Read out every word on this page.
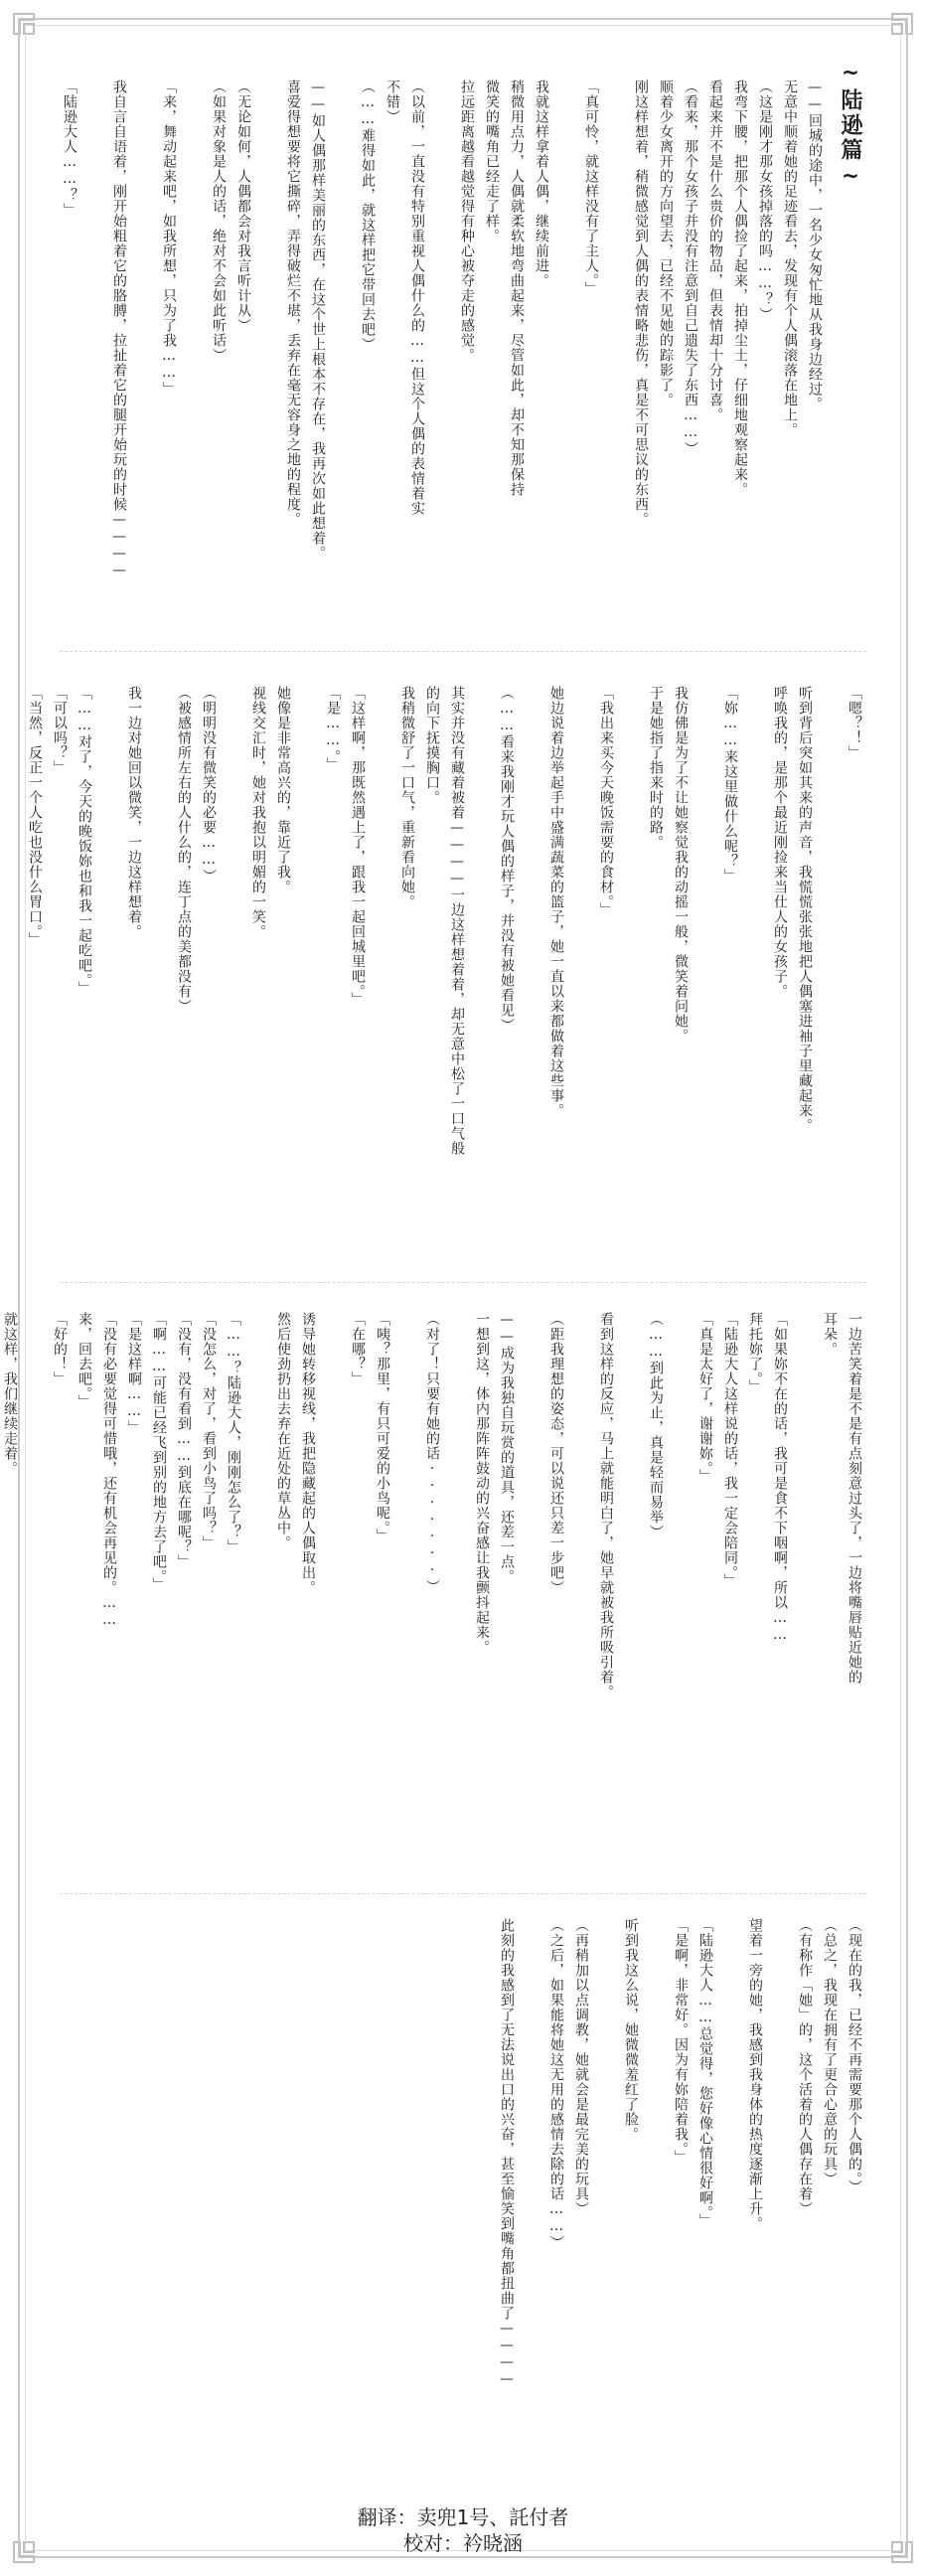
~陆逊篇~
——回城的途中，一名少女匆忙地从我身边经过。
无意中顺着她的足迹看去，发现有个人偶滚落在地上。
（这是刚才那女孩掉落的吗……？）
我弯下腰，把那个人偶捡了起来，拍掉尘土，仔细地观察起来。
看起来并不是什么贵价的物品，但表情却十分讨喜。
（看来，那个女孩子并没有注意到自己遗失了东西……）
顺着少女离开的方向望去，已经不见她的踪影了。
刚这样想着，稍微感觉到人偶的表情略悲伤，真是不可思议的东西。

「真可怜，就这样没有了主人。」

我就这样拿着人偶，继续前进。
稍微用点力，人偶就柔软地弯曲起来，尽管如此，却不知那保持
微笑的嘴角已经走了样。
拉远距离越看越觉得有种心被夺走的感觉。

（以前，一直没有特别重视人偶什么的……但这个人偶的表情着实
不错）
（……难得如此，就这样把它带回去吧）

——如人偶那样美丽的东西，在这个世上根本不存在，我再次如此想着。
喜爱得想要将它撕碎，弄得破烂不堪，丢弃在毫无容身之地的程度。

（无论如何，人偶都会对我言听计从）
（如果对象是人的话，绝对不会如此听话）

「来，舞动起来吧，如我所想，只为了我……」

我自言自语着，刚开始粗着它的胳膊，拉扯着它的腿开始玩的时候————

「陆逊大人……？」
「嗯？！」

听到背后突如其来的声音，我慌慌张张地把人偶塞进袖子里藏起来。
呼唤我的，是那个最近刚捡来当仕人的女孩子。

「妳……来这里做什么呢？」

我仿佛是为了不让她察觉我的动摇一般，微笑着问她。
于是她指了指来时的路。

「我出来买今天晚饭需要的食材。」

她边说着边举起手中盛满蔬菜的篮子，她一直以来都做着这些事。

（……看来我刚才玩人偶的样子，并没有被她看见）

其实并没有藏着被着————一边这样想着着，却无意中松了一口气般
的向下抚摸胸口。
我稍微舒了一口气，重新看向她。

「这样啊，那既然遇上了，跟我一起回城里吧。」
「是……。」

她像是非常高兴的，靠近了我。
视线交汇时，她对我抱以明媚的一笑。

（明明没有微笑的必要……）
（被感情所左右的人什么的，连丁点的美都没有）

我一边对她回以微笑，一边这样想着。

「……对了，今天的晚饭妳也和我一起吃吧。」
「可以吗？」
「当然，反正一个人吃也没什么胃口。」
一边苦笑着是不是有点刻意过头了，一边将嘴唇贴近她的
耳朵。

「如果妳不在的话，我可是食不下咽啊，所以……
拜托妳了。」
「陆逊大人这样说的话，我一定会陪同。」
「真是太好了，谢谢妳。」

（……到此为止，真是轻而易举）

看到这样的反应，马上就能明白了，她早就被我所吸引着。

（距我理想的姿态，可以说还只差一步吧）

——成为我独自玩赏的道具，还差一点。
一想到这，体内那阵阵鼓动的兴奋感让我颤抖起来。

（对了！只要有她的话·······）

「咦？那里，有只可爱的小鸟呢。」
「在哪？」

诱导她转移视线，我把隐藏起的人偶取出。
然后使劲扔出去弃在近处的草丛中。

「……？陆逊大人，刚刚怎么了？」
「没怎么，对了，看到小鸟了吗？」
「没有，没有看到……到底在哪呢？」
「啊……可能已经飞到别的地方去了吧。」
「是这样啊……」
「没有必要觉得可惜哦，还有机会再见的。……
来，回去吧。」
「好的！」

就这样，我们继续走着。
（现在的我，已经不再需要那个人偶的。）
（总之，我现在拥有了更合心意的玩具）
（有称作「她」的，这个活着的人偶存在着）

望着一旁的她，我感到我身体的热度逐渐上升。

「陆逊大人……总觉得，您好像心情很好啊。」
「是啊，非常好。因为有妳陪着我。」

听到我这么说，她微微羞红了脸。

（再稍加以点调教，她就会是最完美的玩具）
（之后，如果能将她这无用的感情去除的话……）

此刻的我感到了无法说出口的兴奋，甚至愉笑到嘴角都扭曲了————
翻译：卖兜1号、託付者
校对：衿晓涵
